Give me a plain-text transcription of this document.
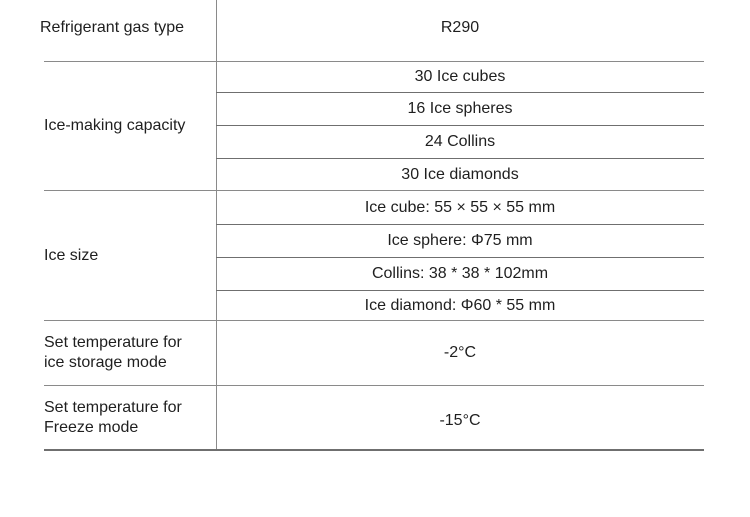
Refrigerant gas type	R290
Ice-making capacity
30 Ice cubes
16 Ice spheres
24 Collins
30 Ice diamonds
Ice size
Ice cube: 55 × 55 × 55 mm
Ice sphere: Φ75 mm
Collins: 38 * 38 * 102mm
Ice diamond: Φ60 * 55 mm
Set temperature for
ice storage mode
-2°C
Set temperature for
Freeze mode	-15°C
